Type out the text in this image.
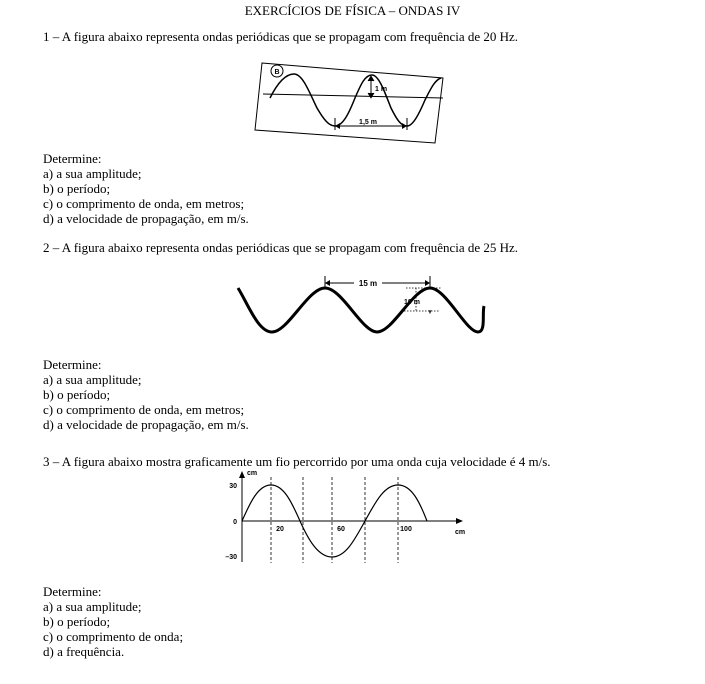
EXERCÍCIOS DE FÍSICA – ONDAS IV
1 – A figura abaixo representa ondas periódicas que se propagam com frequência de 20 Hz.
B
1 m
1,5 m
Determine:
a) a sua amplitude;
b) o período;
c) o comprimento de onda, em metros;
d) a velocidade de propagação, em m/s.
2 – A figura abaixo representa ondas periódicas que se propagam com frequência de 25 Hz.
15 m
10 m
Determine:
a) a sua amplitude;
b) o período;
c) o comprimento de onda, em metros;
d) a velocidade de propagação, em m/s.
3 – A figura abaixo mostra graficamente um fio percorrido por uma onda cuja velocidade é 4 m/s.
cm
cm
30
0
–30
20	60	100
Determine:
a) a sua amplitude;
b) o período;
c) o comprimento de onda;
d) a frequência.
